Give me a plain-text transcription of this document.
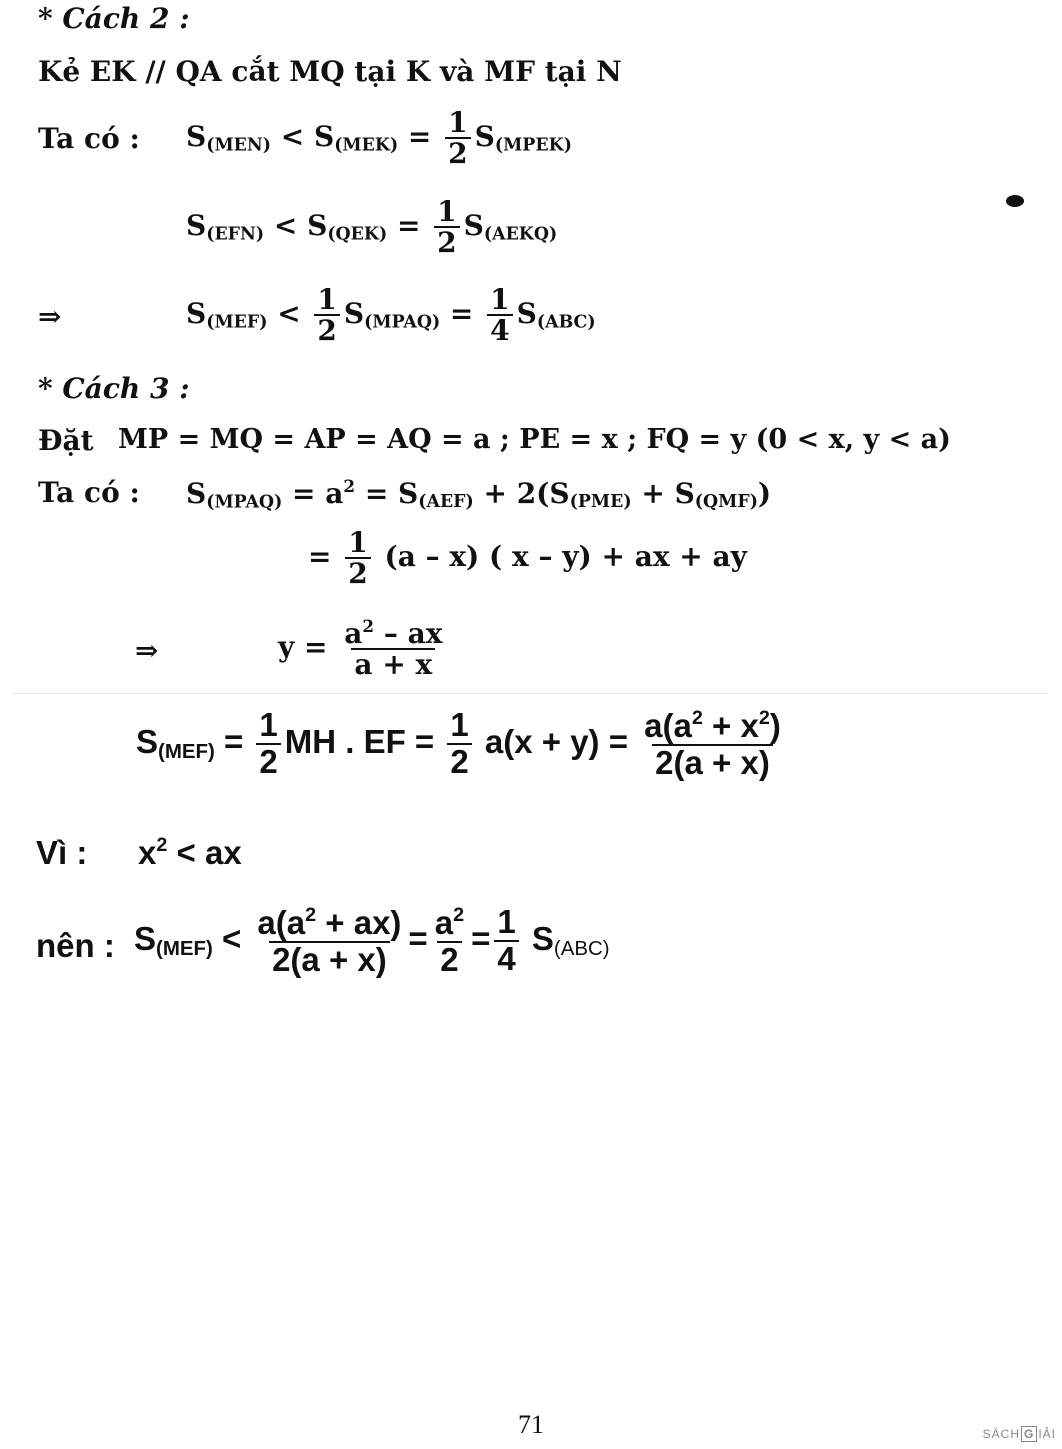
* Cách 2 :
Kẻ EK // QA cắt MQ tại K và MF tại N
Ta có : $S_{(MEN)} < S_{(MEK)} = \frac{1}{2} S_{(MPEK)}$
$S_{(EFN)} < S_{(QEK)} = \frac{1}{2} S_{(AEKQ)}$
⇒	$S_{(MEF)} < \frac{1}{2} S_{(MPAQ)} = \frac{1}{4} S_{(ABC)}$
* Cách 3 :
Đặt MP = MQ = AP = AQ = a ; PE = x ; FQ = y (0 < x, y < a)
Ta có : $S_{(MPAQ)} = a^2 = S_{(AEF)} + 2(S_{(PME)} + S_{(QMF)})$
= $\frac{1}{2} (a - x)$ ( x – y) + ax + ay
⇒	$y = \frac{a^2 - ax}{a + x}$
$S_{(MEF)} = \frac{1}{2}$ MH . EF = $\frac{1}{2} a(x + y) = \frac{a(a^2 + x^2)}{2(a + x)}$
Vì : $x^2$ < ax
nên : $S_{(MEF)} < \frac{a(a^2 + ax)}{2(a + x)} = \frac{a^2}{2} = \frac{1}{4} S_{(ABC)}$
71	SÁCH G IẢI
